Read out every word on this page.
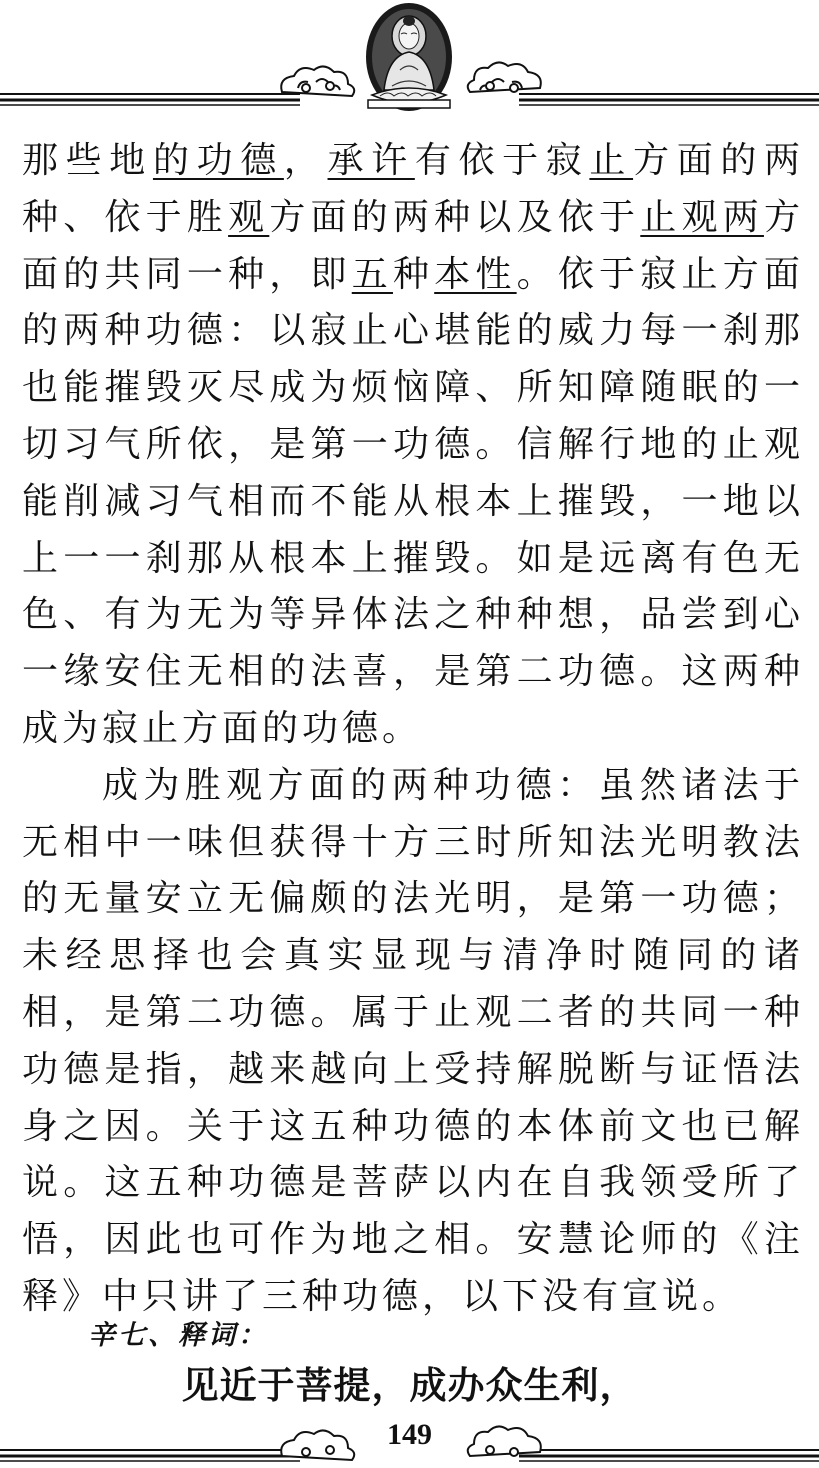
那些地的功德，承许有依于寂止方面的两种、依于胜观方面的两种以及依于止观两方面的共同一种，即五种本性。依于寂止方面的两种功德：以寂止心堪能的威力每一刹那也能摧毁灭尽成为烦恼障、所知障随眠的一切习气所依，是第一功德。信解行地的止观能削减习气相而不能从根本上摧毁，一地以上一一刹那从根本上摧毁。如是远离有色无色、有为无为等异体法之种种想，品尝到心一缘安住无相的法喜，是第二功德。这两种成为寂止方面的功德。

成为胜观方面的两种功德：虽然诸法于无相中一味但获得十方三时所知法光明教法的无量安立无偏颇的法光明，是第一功德；未经思择也会真实显现与清净时随同的诸相，是第二功德。属于止观二者的共同一种功德是指，越来越向上受持解脱断与证悟法身之因。关于这五种功德的本体前文也已解说。这五种功德是菩萨以内在自我领受所了悟，因此也可作为地之相。安慧论师的《注释》中只讲了三种功德，以下没有宣说。

辛七、释词：
见近于菩提，成办众生利，
149
